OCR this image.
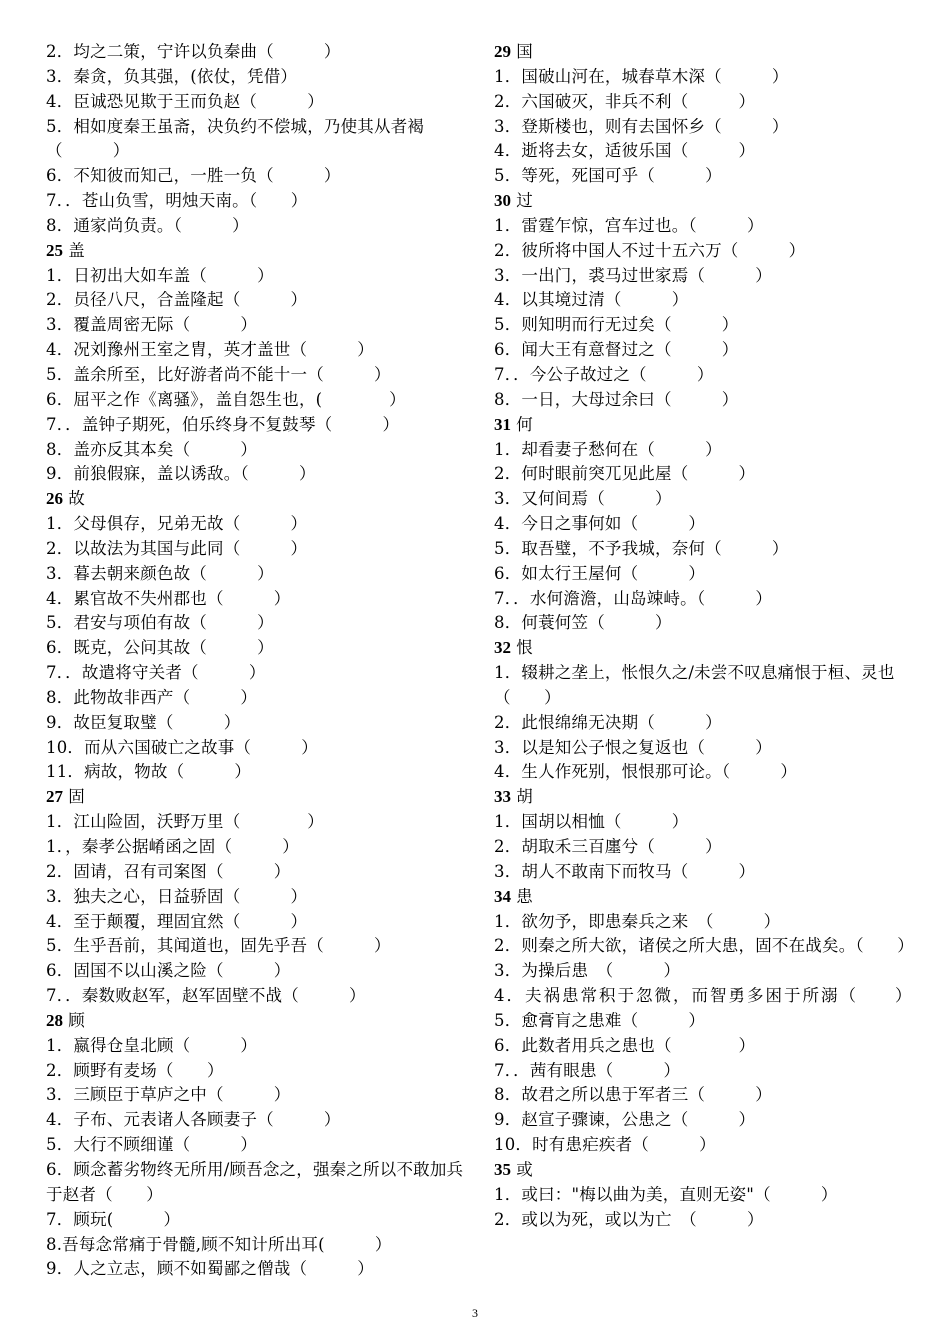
2．均之二策，宁许以负秦曲（　　　）
3．秦贪，负其强，(依仗，凭借）
4．臣诚恐见欺于王而负赵（　　　）
5．相如度秦王虽斋，决负约不偿城，乃使其从者褐　（　　　）
6．不知彼而知己，一胜一负（　　　）
7．．苍山负雪，明烛天南。（　　）
8．通家尚负责。（　　　）
25 盖
1．日初出大如车盖（　　　）
2．员径八尺，合盖隆起（　　　）
3．覆盖周密无际（　　　）
4．况刘豫州王室之胄，英才盖世（　　　）
5．盖余所至，比好游者尚不能十一（　　　）
6．屈平之作《离骚》，盖自怨生也，(　　　　）
7．．盖钟子期死，伯乐终身不复鼓琴（　　　）
8．盖亦反其本矣（　　　）
9．前狼假寐，盖以诱敌。（　　　）
26 故
1．父母俱存，兄弟无故（　　　）
2．以故法为其国与此同（　　　）
3．暮去朝来颜色故（　　　）
4．累官故不失州郡也（　　　）
5．君安与项伯有故（　　　）
6．既克，公问其故（　　　）
7．．故遣将守关者（　　　）
8．此物故非西产（　　　）
9．故臣复取璧（　　　）
10．而从六国破亡之故事（　　　）
11．病故，物故（　　　）
27 固
1．江山险固，沃野万里（　　　　）
1．，秦孝公据崤函之固（　　　）
2．固请，召有司案图（　　　）
3．独夫之心，日益骄固（　　　）
4．至于颠覆，理固宜然（　　　）
5．生乎吾前，其闻道也，固先乎吾（　　　）
6．固国不以山溪之险（　　　）
7．．秦数败赵军，赵军固壁不战（　　　）
28 顾
1．嬴得仓皇北顾（　　　）
2．顾野有麦场（　　）
3．三顾臣于草庐之中（　　　）
4．子布、元表诸人各顾妻子（　　　）
5．大行不顾细谨（　　　）
6．顾念蓄劣物终无所用/顾吾念之，强秦之所以不敢加兵于赵者（　　）
7．顾玩(　　　）
8.吾每念常痛于骨髓,顾不知计所出耳(　　　）
9．人之立志，顾不如蜀鄙之僧哉（　　　）
29 国
1．国破山河在，城春草木深（　　　）
2．六国破灭，非兵不利（　　　）
3．登斯楼也，则有去国怀乡（　　　）
4．逝将去女，适彼乐国（　　　）
5．等死，死国可乎（　　　）
30 过
1．雷霆乍惊，宫车过也。（　　　）
2．彼所将中国人不过十五六万（　　　）
3．一出门，裘马过世家焉（　　　）
4．以其境过清（　　　）
5．则知明而行无过矣（　　　）
6．闻大王有意督过之（　　　）
7．．今公子故过之（　　　）
8．一日，大母过余曰（　　　）
31 何
1．却看妻子愁何在（　　　）
2．何时眼前突兀见此屋（　　　）
3．又何间焉（　　　）
4．今日之事何如（　　　）
5．取吾璧，不予我城，奈何（　　　）
6．如太行王屋何（　　　）
7．．水何澹澹，山岛竦峙。（　　　）
8．何蓑何笠（　　　）
32 恨
1．辍耕之垄上，怅恨久之/未尝不叹息痛恨于桓、灵也（　　）
2．此恨绵绵无决期（　　　）
3．以是知公子恨之复返也（　　　）
4．生人作死别，恨恨那可论。（　　　）
33 胡
1．国胡以相恤（　　　）
2．胡取禾三百廛兮（　　　）
3．胡人不敢南下而牧马（　　　）
34 患
1．欲勿予，即患秦兵之来　（　　　）
2．则秦之所大欲，诸侯之所大患，固不在战矣。（　　）
3．为操后患　（　　　）
4．夫祸患常积于忽微，而智勇多困于所溺（　　）
5．愈膏肓之患难（　　　）
6．此数者用兵之患也（　　　　）
7．．茜有眼患（　　　）
8．故君之所以患于军者三（　　　）
9．赵宣子骤谏，公患之（　　　）
10．时有患疟疾者（　　　）
35 或
1．或曰："梅以曲为美，直则无姿"（　　　）
2．或以为死，或以为亡　（　　　）
3
